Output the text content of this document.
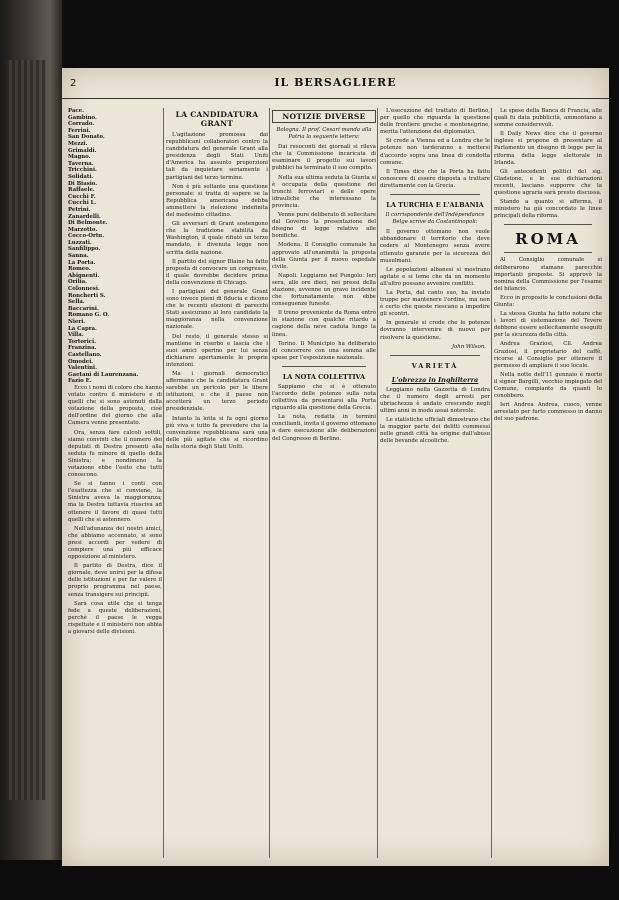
2	IL BERSAGLIERE
Pace.
Gambino.
Corrado.
Ferrini.
San Donato.
Mezzi.
Grimaldi.
Magno.
Taverna.
Tricchini.
Solidati.
Di Biasio.
Raffaele.
Cucchi F.
Cucchi L.
Petrini.
Zanardelli.
Di Belmonte.
Marzotto.
Cocco-Ortu.
Luzzati.
Sanfilippo.
Sanna.
La Porta.
Romeo.
Abignenti.
Orilia.
Colonnesi.
Roncherti S.
Sella.
Baccarini.
Romano G. O.
Nieri.
La Capra.
Villa.
Tortorici.
Franzina.
Castellano.
Omodei.
Valentini.
Gaetani di Laurenzana.
Fazio E.

Ecco i nomi di coloro che hanno votato contro il ministero e di quelli che si sono astenuti dalla votazione della proposta, cioè dell'ordine del giorno che alla Camera venne presentato.

Ora, senza fare calcoli sottili, siamo convinti che il numero dei deputati di Destra presenti alla seduta fu minore di quello della Sinistra; e nondimeno la votazione ebbe l'esito che tutti conoscono.

Se si fanno i conti con l'esattezza che si conviene, la Sinistra aveva la maggioranza; ma la Destra tuttavia riusciva ad ottenere il favore di quasi tutti quelli che si astennero.

Nell'adunanza dei nostri amici, che abbiamo accennato, si sono presi accordi per vedere di compiere una più efficace opposizione al ministero.

Il partito di Destra, dice il giornale, deve unirsi per la difesa delle istituzioni e per far valere il proprio programma nel paese, senza transigere sui principii.

Sarà cosa utile che si tenga fede a queste deliberazioni, perchè il paese le vegga rispettate e il ministero non abbia a giovarsi delle divisioni.

LA CANDIDATURA GRANT

L'agitazione promossa dai repubblicani collaboratori contro la candidatura del generale Grant alla presidenza degli Stati Uniti d'America ha assunto proporzioni tali da inquietare seriamente i partigiani del terzo termine.

Non è più soltanto una questione personale: si tratta di sapere se la Repubblica americana debba ammettere la rielezione indefinita del medesimo cittadino.

Gli avversari di Grant sostengono che la tradizione stabilita da Washington, il quale rifiutò un terzo mandato, è divenuta legge non scritta della nazione.

Il partito del signor Blaine ha fatto proposta di convocare un congresso, il quale dovrebbe decidere prima della convenzione di Chicago.

I partigiani del generale Grant sono invece pieni di fiducia e dicono che le recenti elezioni di parecchi Stati assicurano al loro candidato la maggioranza nella convenzione nazionale.

Del resto, il generale stesso si mantiene in riserbo e lascia che i suoi amici operino per lui senza dichiarare apertamente le proprie intenzioni.

Ma i giornali democratici affermano che la candidatura Grant sarebbe un pericolo per le libere istituzioni, e che il paese non accetterà un terzo periodo presidenziale.

Intanto la lotta si fa ogni giorno più viva e tutto fa prevedere che la convenzione repubblicana sarà una delle più agitate che si ricordino nella storia degli Stati Uniti.

NOTIZIE DIVERSE
Bologna. Il prof. Cesari manda alla Patria la seguente lettera:

Dai resoconti dei giornali si rileva che la Commissione incaricata di esaminare il progetto sui lavori pubblici ha terminato il suo compito.

Nella sua ultima seduta la Giunta si è occupata della questione dei tronchi ferroviari e delle opere idrauliche che interessano la provincia.

Venne pure deliberato di sollecitare dal Governo la presentazione del disegno di legge relativo alle bonifiche.

Modena. Il Consiglio comunale ha approvato all'unanimità la proposta della Giunta per il nuovo ospedale civile.

Napoli. Leggiamo nel Pungolo: Ieri sera, alle ore dieci, nei pressi della stazione, avvenne un grave incidente che fortunatamente non ebbe conseguenze funeste.

Il treno proveniente da Roma entrò in stazione con qualche ritardo a cagione della neve caduta lungo la linea.

Torino. Il Municipio ha deliberato di concorrere con una somma alle spese per l'esposizione nazionale.

LA NOTA COLLETTIVA

Sappiamo che si è ottenuto l'accordo delle potenze sulla nota collettiva da presentarsi alla Porta riguardo alla questione della Grecia.

La nota, redatta in termini concilianti, invita il governo ottomano a dare esecuzione alle deliberazioni del Congresso di Berlino.

L'esecuzione del trattato di Berlino, per quello che riguarda la questione delle frontiere greche e montenegrine, merita l'attenzione dei diplomatici.

Si crede a Vienna ed a Londra che le potenze non tarderanno a mettersi d'accordo sopra una linea di condotta comune.

Il Times dice che la Porta ha fatto conoscere di essere disposta a trattare direttamente con la Grecia.

LA TURCHIA E L'ALBANIA
Il corrispondente dell'Indépendance Belge scrive da Costantinopoli:

Il governo ottomano non vuole abbandonare il territorio che deve cedere al Montenegro senza avere ottenuto garanzie per la sicurezza dei musulmani.

Le popolazioni albanesi si mostrano agitate e si teme che da un momento all'altro possano avvenire conflitti.

La Porta, dal canto suo, ha inviato truppe per mantenere l'ordine, ma non è certo che queste riescano a impedire gli scontri.

In generale si crede che le potenze dovranno intervenire di nuovo per risolvere la questione.

John Wilson.
VARIETÀ
L'obrezza in Inghilterra

Leggiamo nella Gazzetta di Londra che il numero degli arresti per ubriachezza è andato crescendo negli ultimi anni in modo assai notevole.

Le statistiche ufficiali dimostrano che la maggior parte dei delitti commessi nelle grandi città ha origine dall'abuso delle bevande alcooliche.

Le spese della Banca di Francia, alle quali fu data pubblicità, ammontano a somme considerevoli.

Il Daily News dice che il governo inglese si propone di presentare al Parlamento un disegno di legge per la riforma della legge elettorale in Irlanda.

Gli antecedenti politici del sig. Gladstone, e le sue dichiarazioni recenti, lasciano supporre che la questione agraria sarà presto discussa.

Stando a quanto si afferma, il ministero ha già concordato le linee principali della riforma.

ROMA

Al Consiglio comunale si deliberarono stamane parecchie importanti proposte. Si approvò la nomina della Commissione per l'esame del bilancio.

Ecco in proposito le conclusioni della Giunta:

La stessa Giunta ha fatto notare che i lavori di sistemazione del Tevere debbono essere sollecitamente eseguiti per la sicurezza della città.

Andrea Graziosi, Cll. Andrea Graziosi, il proprietario del caffè, ricorse al Consiglio per ottenere il permesso di ampliare il suo locale.

Nella notte dell'11 gennaio è morto il signor Bargilli, vecchio impiegato del Comune, compianto da quanti lo conobbero.

Ieri Andrea Andrea, cuoco, venne arrestato per furto commesso in danno del suo padrone.
